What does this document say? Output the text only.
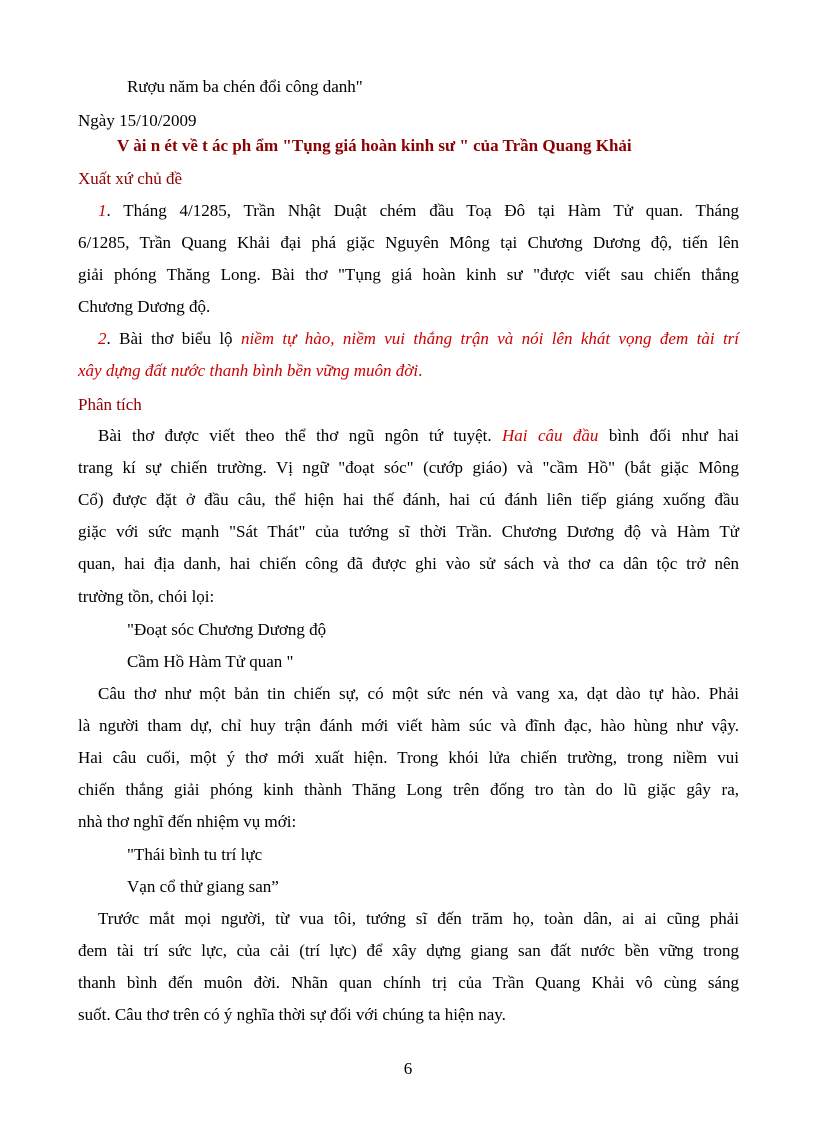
Rượu năm ba chén đổi công danh"
Ngày 15/10/2009
V ài n ét về t ác ph ẩm "Tụng giá hoàn kinh sư " của Trần Quang Khải
Xuất xứ chủ đề
1. Tháng 4/1285, Trần Nhật Duật chém đầu Toạ Đô tại Hàm Tử quan. Tháng
6/1285, Trần Quang Khải đại phá giặc Nguyên Mông tại Chương Dương độ, tiến lên
giải phóng Thăng Long. Bài thơ "Tụng giá hoàn kinh sư "được viết sau chiến thắng
Chương Dương độ.
2. Bài thơ biểu lộ niềm tự hào, niềm vui thắng trận và nói lên khát vọng đem tài trí
xây dựng đất nước thanh bình bền vững muôn đời.
Phân tích
Bài thơ được viết theo thể thơ ngũ ngôn tứ tuyệt. Hai câu đầu bình đối như hai
trang kí sự chiến trường. Vị ngữ "đoạt sóc" (cướp giáo) và "cầm Hồ" (bắt giặc Mông
Cổ) được đặt ở đầu câu, thể hiện hai thế đánh, hai cú đánh liên tiếp giáng xuống đầu
giặc với sức mạnh "Sát Thát" của tướng sĩ thời Trần. Chương Dương độ và Hàm Tử
quan, hai địa danh, hai chiến công đã được ghi vào sử sách và thơ ca dân tộc trở nên
trường tồn, chói lọi:
"Đoạt sóc Chương Dương độ
Cầm Hồ Hàm Tử quan "
Câu thơ như một bản tin chiến sự, có một sức nén và vang xa, dạt dào tự hào. Phải
là người tham dự, chỉ huy trận đánh mới viết hàm súc và đĩnh đạc, hào hùng như vậy.
Hai câu cuối, một ý thơ mới xuất hiện. Trong khói lửa chiến trường, trong niềm vui
chiến thắng giải phóng kinh thành Thăng Long trên đống tro tàn do lũ giặc gây ra,
nhà thơ nghĩ đến nhiệm vụ mới:
"Thái bình tu trí lực
Vạn cổ thử giang san”
Trước mắt mọi người, từ vua tôi, tướng sĩ đến trăm họ, toàn dân, ai ai cũng phải
đem tài trí sức lực, của cải (trí lực) để xây dựng giang san đất nước bền vững trong
thanh bình đến muôn đời. Nhãn quan chính trị của Trần Quang Khải vô cùng sáng
suốt. Câu thơ trên có ý nghĩa thời sự đối với chúng ta hiện nay.
6
